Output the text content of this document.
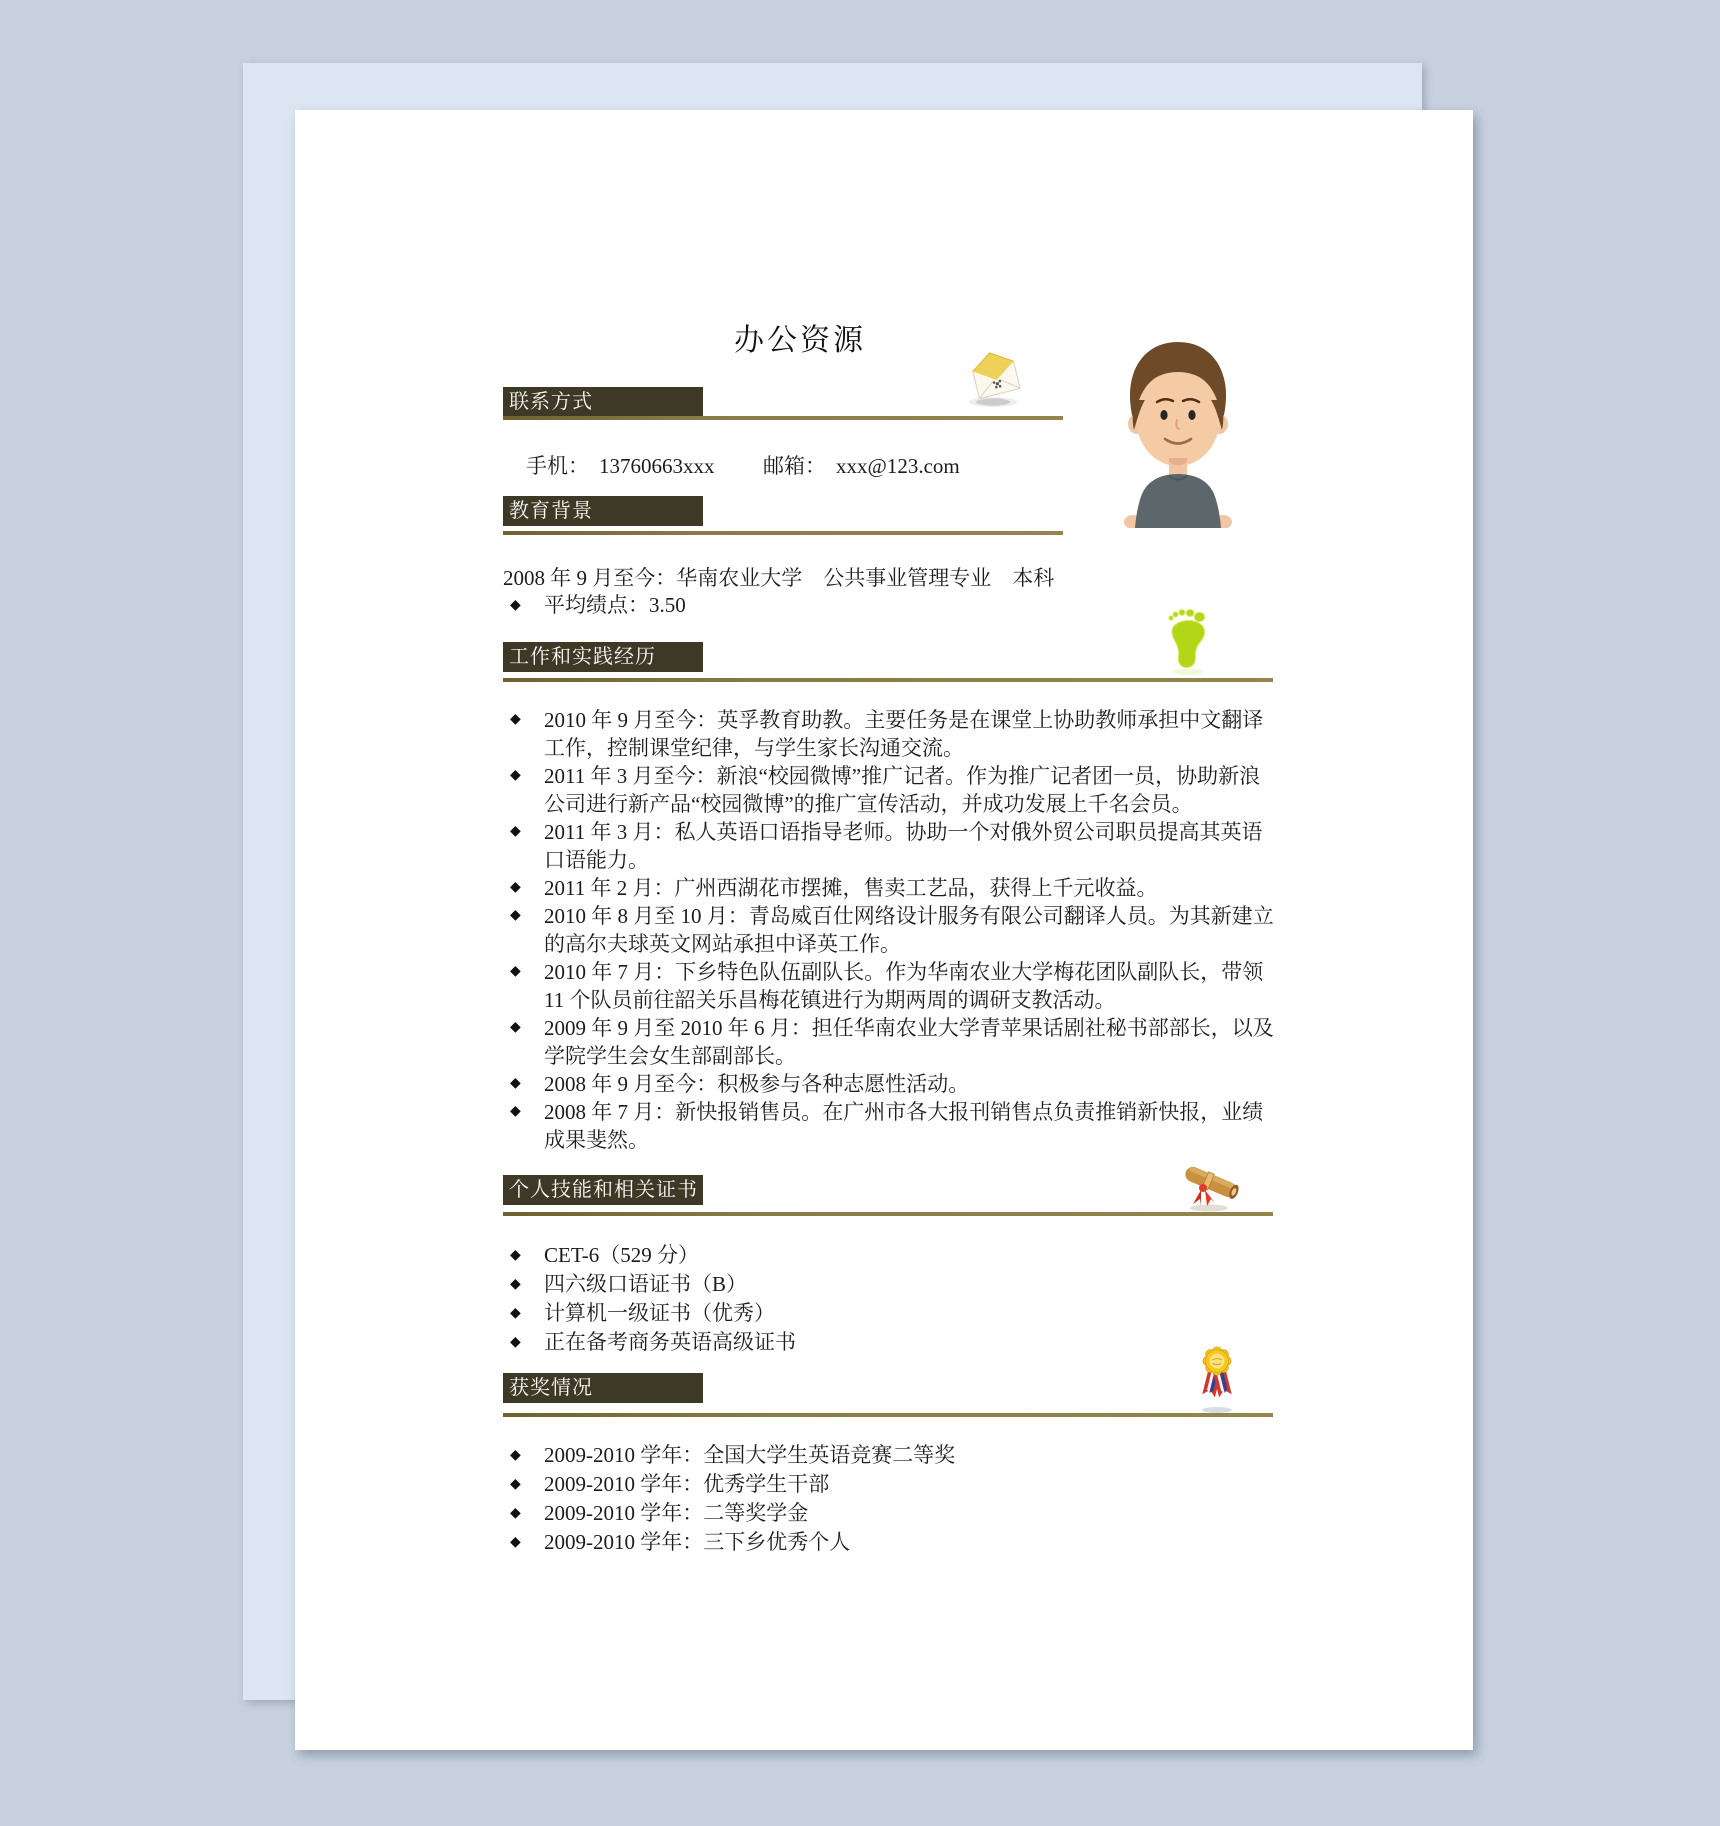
办公资源
联系方式
手机： 13760663xxx 邮箱： xxx@123.com
教育背景
2008 年 9 月至今：华南农业大学　公共事业管理专业　本科
◆	平均绩点：3.50
工作和实践经历
◆	2010 年 9 月至今：英孚教育助教。主要任务是在课堂上协助教师承担中文翻译工作，控制课堂纪律，与学生家长沟通交流。
◆	2011 年 3 月至今：新浪“校园微博”推广记者。作为推广记者团一员，协助新浪公司进行新产品“校园微博”的推广宣传活动，并成功发展上千名会员。
◆	2011 年 3 月：私人英语口语指导老师。协助一个对俄外贸公司职员提高其英语口语能力。
◆	2011 年 2 月：广州西湖花市摆摊，售卖工艺品，获得上千元收益。
◆	2010 年 8 月至 10 月：青岛威百仕网络设计服务有限公司翻译人员。为其新建立的高尔夫球英文网站承担中译英工作。
◆	2010 年 7 月：下乡特色队伍副队长。作为华南农业大学梅花团队副队长，带领 11 个队员前往韶关乐昌梅花镇进行为期两周的调研支教活动。
◆	2009 年 9 月至 2010 年 6 月：担任华南农业大学青苹果话剧社秘书部部长，以及学院学生会女生部副部长。
◆	2008 年 9 月至今：积极参与各种志愿性活动。
◆	2008 年 7 月：新快报销售员。在广州市各大报刊销售点负责推销新快报，业绩成果斐然。
个人技能和相关证书
◆	CET-6（529 分）
◆	四六级口语证书（B）
◆	计算机一级证书（优秀）
◆	正在备考商务英语高级证书
获奖情况
◆	2009-2010 学年：全国大学生英语竞赛二等奖
◆	2009-2010 学年：优秀学生干部
◆	2009-2010 学年：二等奖学金
◆	2009-2010 学年：三下乡优秀个人
